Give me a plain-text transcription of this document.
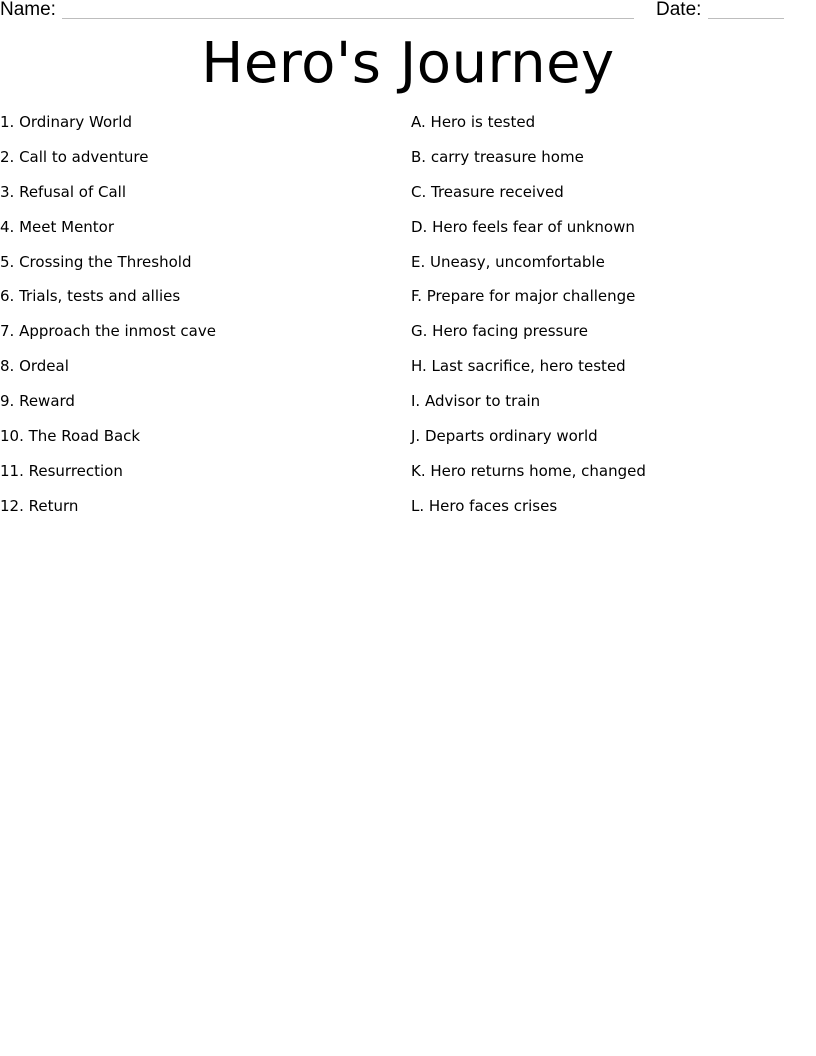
Name:	Date:
Hero's Journey
1. Ordinary World
2. Call to adventure
3. Refusal of Call
4. Meet Mentor
5. Crossing the Threshold
6. Trials, tests and allies
7. Approach the inmost cave
8. Ordeal
9. Reward
10. The Road Back
11. Resurrection
12. Return
A. Hero is tested
B. carry treasure home
C. Treasure received
D. Hero feels fear of unknown
E. Uneasy, uncomfortable
F. Prepare for major challenge
G. Hero facing pressure
H. Last sacrifice, hero tested
I. Advisor to train
J. Departs ordinary world
K. Hero returns home, changed
L. Hero faces crises
